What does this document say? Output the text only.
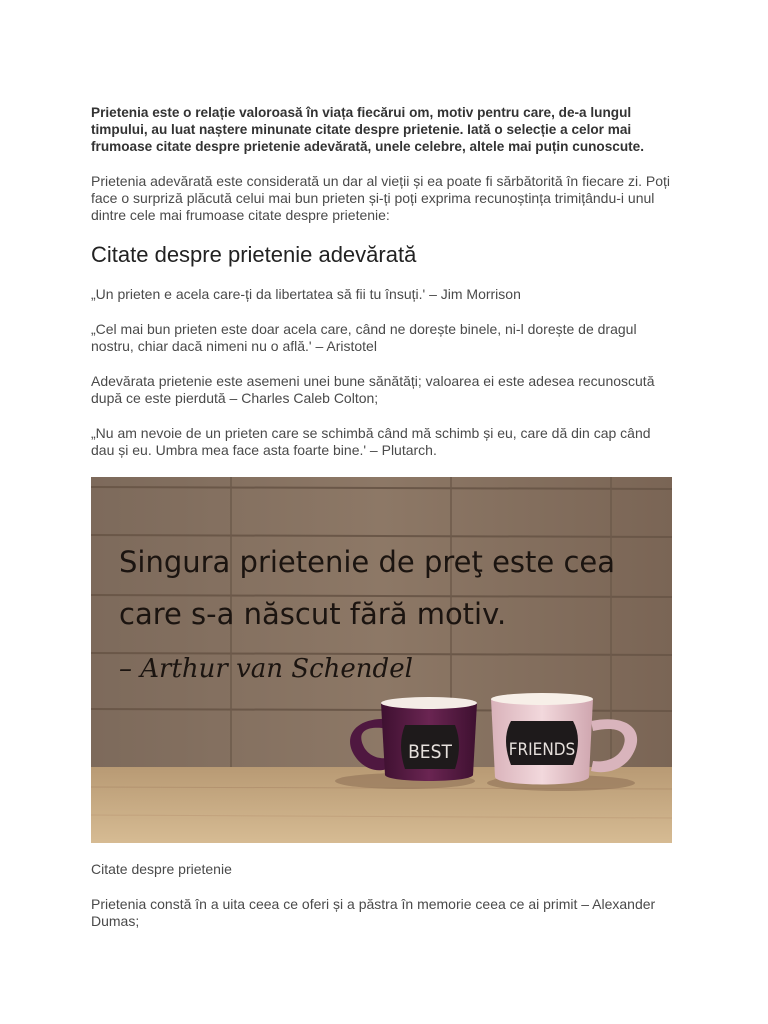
Prietenia este o relație valoroasă în viața fiecărui om, motiv pentru care, de-a lungul timpului, au luat naștere minunate citate despre prietenie. Iată o selecție a celor mai frumoase citate despre prietenie adevărată, unele celebre, altele mai puțin cunoscute.

Prietenia adevărată este considerată un dar al vieții și ea poate fi sărbătorită în fiecare zi. Poți face o surpriză plăcută celui mai bun prieten și-ți poți exprima recunoștința trimițându-i unul dintre cele mai frumoase citate despre prietenie:

Citate despre prietenie adevărată

„Un prieten e acela care-ți da libertatea să fii tu însuți.' – Jim Morrison

„Cel mai bun prieten este doar acela care, când ne dorește binele, ni-l dorește de dragul nostru, chiar dacă nimeni nu o află.' – Aristotel

Adevărata prietenie este asemeni unei bune sănătăți; valoarea ei este adesea recunoscută după ce este pierdută – Charles Caleb Colton;

„Nu am nevoie de un prieten care se schimbă când mă schimb și eu, care dă din cap când dau și eu. Umbra mea face asta foarte bine.' – Plutarch.

Singura prietenie de preţ este cea
care s-a născut fără motiv.
– Arthur van Schendel
BEST	FRIENDS

Citate despre prietenie

Prietenia constă în a uita ceea ce oferi și a păstra în memorie ceea ce ai primit – Alexander Dumas;
